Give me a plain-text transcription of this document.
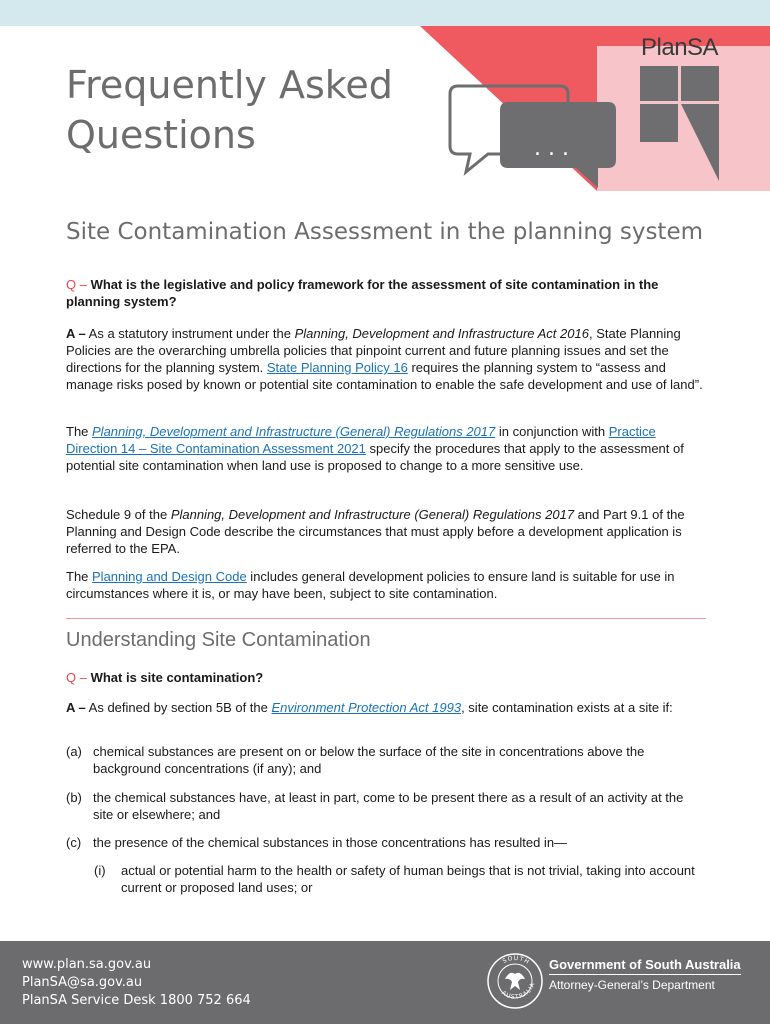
PlanSA
. . .
Frequently Asked
Questions
Site Contamination Assessment in the planning system

Q – What is the legislative and policy framework for the assessment of site contamination in the planning system?

A – As a statutory instrument under the Planning, Development and Infrastructure Act 2016, State Planning Policies are the overarching umbrella policies that pinpoint current and future planning issues and set the directions for the planning system. State Planning Policy 16 requires the planning system to “assess and manage risks posed by known or potential site contamination to enable the safe development and use of land”.

The Planning, Development and Infrastructure (General) Regulations 2017 in conjunction with Practice Direction 14 – Site Contamination Assessment 2021 specify the procedures that apply to the assessment of potential site contamination when land use is proposed to change to a more sensitive use.

Schedule 9 of the Planning, Development and Infrastructure (General) Regulations 2017 and Part 9.1 of the Planning and Design Code describe the circumstances that must apply before a development application is referred to the EPA.

The Planning and Design Code includes general development policies to ensure land is suitable for use in circumstances where it is, or may have been, subject to site contamination.

Understanding Site Contamination

Q – What is site contamination?

A – As defined by section 5B of the Environment Protection Act 1993, site contamination exists at a site if:

(a) chemical substances are present on or below the surface of the site in concentrations above the background concentrations (if any); and
(b) the chemical substances have, at least in part, come to be present there as a result of an activity at the site or elsewhere; and
(c) the presence of the chemical substances in those concentrations has resulted in—
(i) actual or potential harm to the health or safety of human beings that is not trivial, taking into account current or proposed land uses; or
www.plan.sa.gov.au
PlanSA@sa.gov.au
PlanSA Service Desk 1800 752 664
SOUTH
AUSTRALIA
Government of South Australia
Attorney-General’s Department
